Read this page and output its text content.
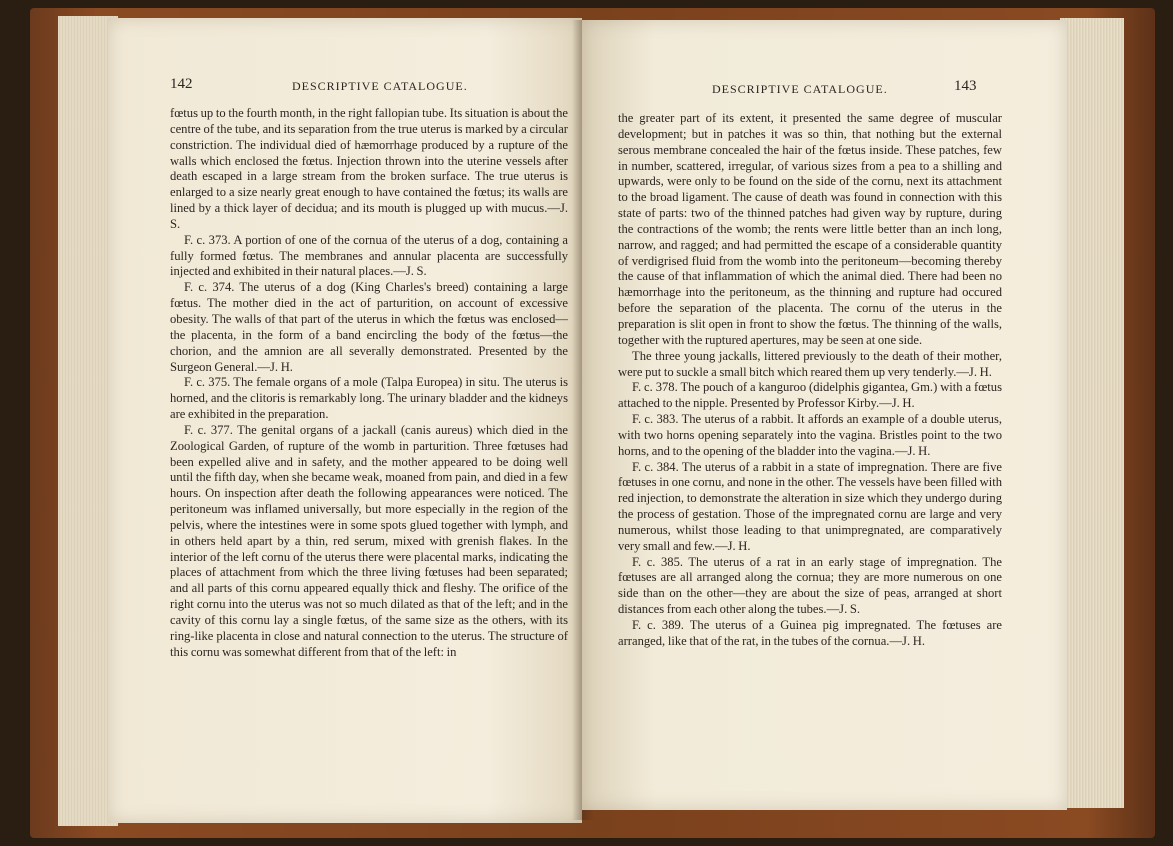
142	DESCRIPTIVE CATALOGUE.

fœtus up to the fourth month, in the right fallopian tube. Its situation is about the centre of the tube, and its separation from the true uterus is marked by a circular constriction. The individual died of hæmorrhage produced by a rupture of the walls which enclosed the fœtus. Injection thrown into the uterine vessels after death escaped in a large stream from the broken surface. The true uterus is enlarged to a size nearly great enough to have contained the fœtus; its walls are lined by a thick layer of decidua; and its mouth is plugged up with mucus.—J. S.

F. c. 373. A portion of one of the cornua of the uterus of a dog, containing a fully formed fœtus. The membranes and annular placenta are successfully injected and exhibited in their natural places.—J. S.

F. c. 374. The uterus of a dog (King Charles's breed) containing a large fœtus. The mother died in the act of parturition, on account of excessive obesity. The walls of that part of the uterus in which the fœtus was enclosed—the placenta, in the form of a band encircling the body of the fœtus—the chorion, and the amnion are all severally demonstrated. Presented by the Surgeon General.—J. H.

F. c. 375. The female organs of a mole (Talpa Europea) in situ. The uterus is horned, and the clitoris is remarkably long. The urinary bladder and the kidneys are exhibited in the preparation.

F. c. 377. The genital organs of a jackall (canis aureus) which died in the Zoological Garden, of rupture of the womb in parturition. Three fœtuses had been expelled alive and in safety, and the mother appeared to be doing well until the fifth day, when she became weak, moaned from pain, and died in a few hours. On inspection after death the following appearances were noticed. The peritoneum was inflamed universally, but more especially in the region of the pelvis, where the intestines were in some spots glued together with lymph, and in others held apart by a thin, red serum, mixed with grenish flakes. In the interior of the left cornu of the uterus there were placental marks, indicating the places of attachment from which the three living fœtuses had been separated; and all parts of this cornu appeared equally thick and fleshy. The orifice of the right cornu into the uterus was not so much dilated as that of the left; and in the cavity of this cornu lay a single fœtus, of the same size as the others, with its ring-like placenta in close and natural connection to the uterus. The structure of this cornu was somewhat different from that of the left: in

DESCRIPTIVE CATALOGUE.	143

the greater part of its extent, it presented the same degree of muscular development; but in patches it was so thin, that nothing but the external serous membrane concealed the hair of the fœtus inside. These patches, few in number, scattered, irregular, of various sizes from a pea to a shilling and upwards, were only to be found on the side of the cornu, next its attachment to the broad ligament. The cause of death was found in connection with this state of parts: two of the thinned patches had given way by rupture, during the contractions of the womb; the rents were little better than an inch long, narrow, and ragged; and had permitted the escape of a considerable quantity of verdigrised fluid from the womb into the peritoneum—becoming thereby the cause of that inflammation of which the animal died. There had been no hæmorrhage into the peritoneum, as the thinning and rupture had occured before the separation of the placenta. The cornu of the uterus in the preparation is slit open in front to show the fœtus. The thinning of the walls, together with the ruptured apertures, may be seen at one side.

The three young jackalls, littered previously to the death of their mother, were put to suckle a small bitch which reared them up very tenderly.—J. H.

F. c. 378. The pouch of a kanguroo (didelphis gigantea, Gm.) with a fœtus attached to the nipple. Presented by Professor Kirby.—J. H.

F. c. 383. The uterus of a rabbit. It affords an example of a double uterus, with two horns opening separately into the vagina. Bristles point to the two horns, and to the opening of the bladder into the vagina.—J. H.

F. c. 384. The uterus of a rabbit in a state of impregnation. There are five fœtuses in one cornu, and none in the other. The vessels have been filled with red injection, to demonstrate the alteration in size which they undergo during the process of gestation. Those of the impregnated cornu are large and very numerous, whilst those leading to that unimpregnated, are comparatively very small and few.—J. H.

F. c. 385. The uterus of a rat in an early stage of impregnation. The fœtuses are all arranged along the cornua; they are more numerous on one side than on the other—they are about the size of peas, arranged at short distances from each other along the tubes.—J. S.

F. c. 389. The uterus of a Guinea pig impregnated. The fœtuses are arranged, like that of the rat, in the tubes of the cornua.—J. H.
